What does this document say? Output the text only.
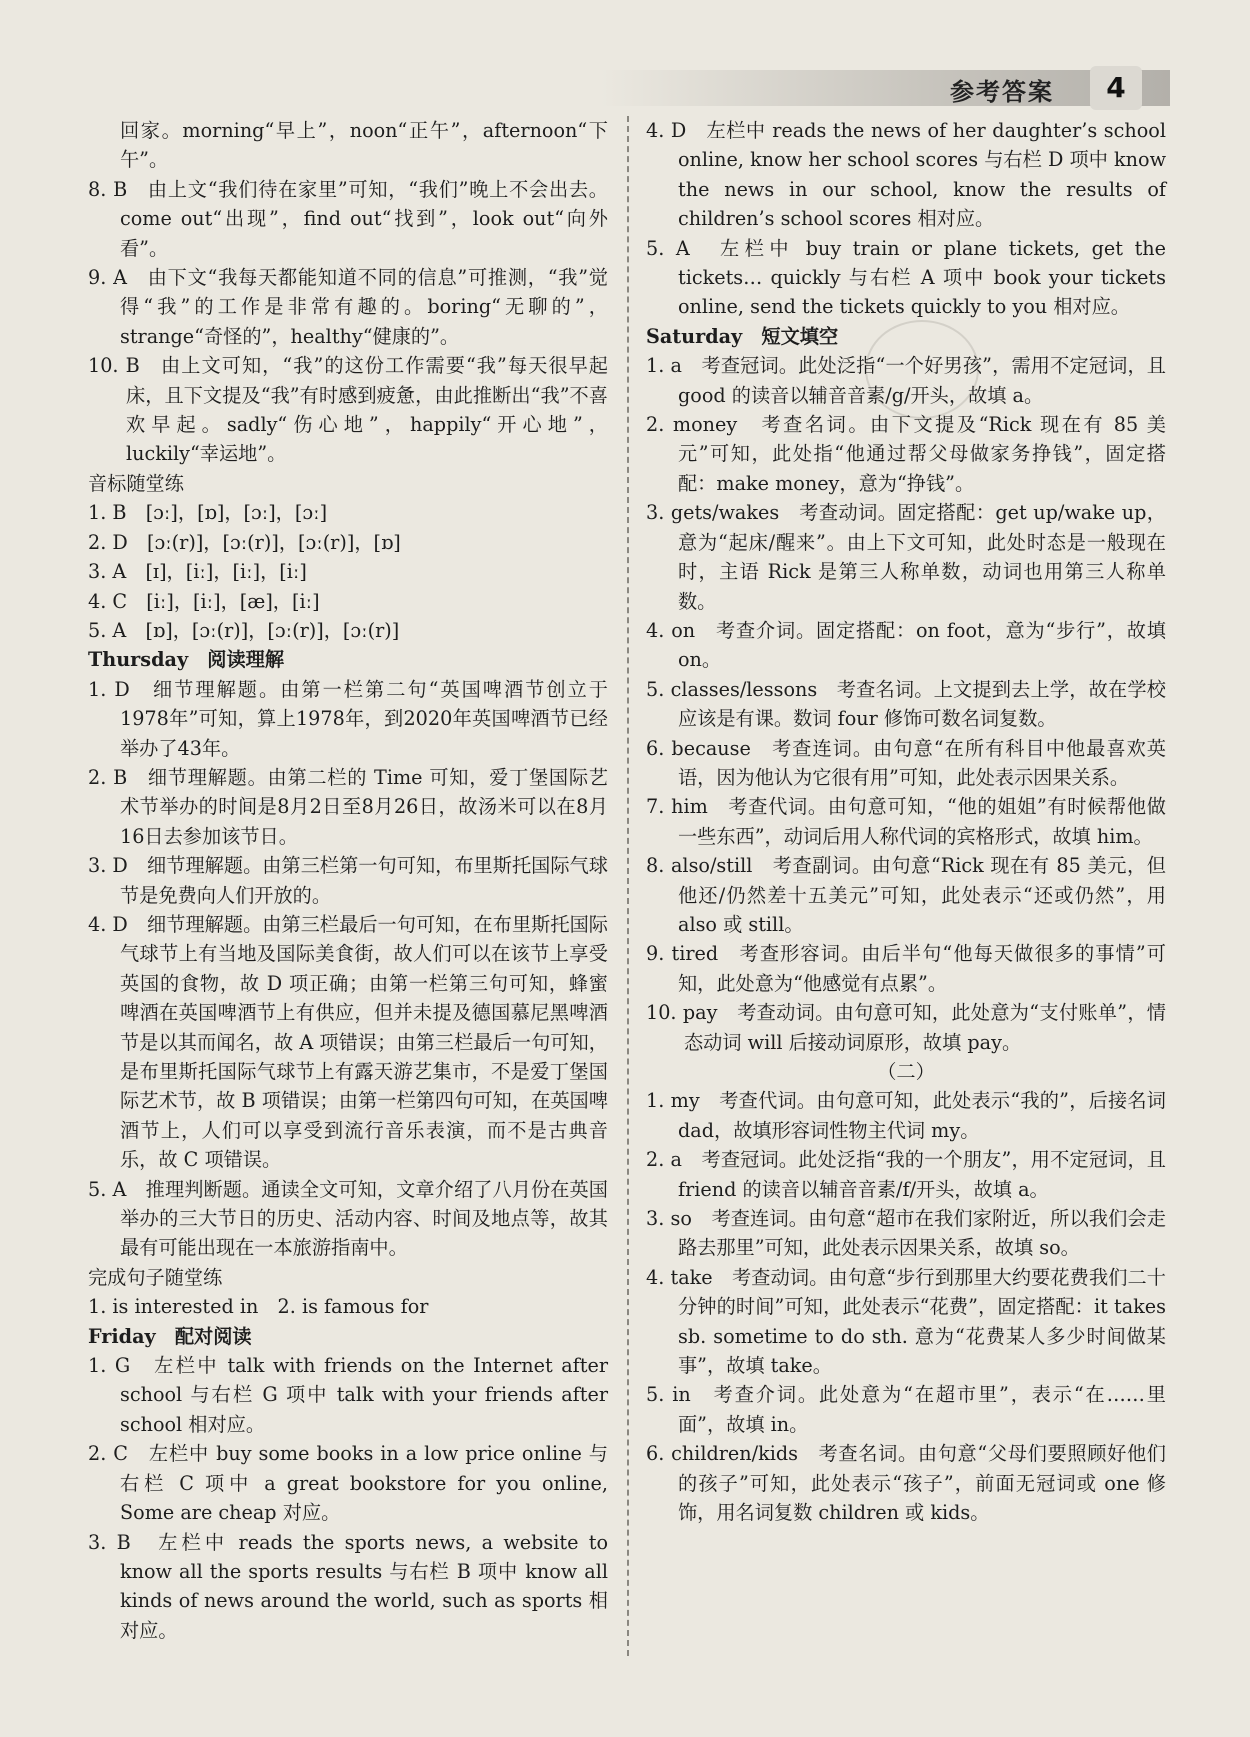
参考答案	4

回家。morning“早上”，noon“正午”，afternoon“下午”。

8. B　由上文“我们待在家里”可知，“我们”晚上不会出去。come out“出现”，find out“找到”，look out“向外看”。

9. A　由下文“我每天都能知道不同的信息”可推测，“我”觉得“我”的工作是非常有趣的。boring“无聊的”，strange“奇怪的”，healthy“健康的”。

10. B　由上文可知，“我”的这份工作需要“我”每天很早起床，且下文提及“我”有时感到疲惫，由此推断出“我”不喜欢早起。sadly“伤心地”，happily“开心地”，luckily“幸运地”。

音标随堂练

1. B　[ɔː]，[ɒ]，[ɔː]，[ɔː]

2. D　[ɔː(r)]，[ɔː(r)]，[ɔː(r)]，[ɒ]

3. A　[ɪ]，[iː]，[iː]，[iː]

4. C　[iː]，[iː]，[æ]，[iː]

5. A　[ɒ]，[ɔː(r)]，[ɔː(r)]，[ɔː(r)]

Thursday　阅读理解

1. D　细节理解题。由第一栏第二句“英国啤酒节创立于1978年”可知，算上1978年，到2020年英国啤酒节已经举办了43年。

2. B　细节理解题。由第二栏的 Time 可知，爱丁堡国际艺术节举办的时间是8月2日至8月26日，故汤米可以在8月16日去参加该节日。

3. D　细节理解题。由第三栏第一句可知，布里斯托国际气球节是免费向人们开放的。

4. D　细节理解题。由第三栏最后一句可知，在布里斯托国际气球节上有当地及国际美食街，故人们可以在该节上享受英国的食物，故 D 项正确；由第一栏第三句可知，蜂蜜啤酒在英国啤酒节上有供应，但并未提及德国慕尼黑啤酒节是以其而闻名，故 A 项错误；由第三栏最后一句可知，是布里斯托国际气球节上有露天游艺集市，不是爱丁堡国际艺术节，故 B 项错误；由第一栏第四句可知，在英国啤酒节上，人们可以享受到流行音乐表演，而不是古典音乐，故 C 项错误。

5. A　推理判断题。通读全文可知，文章介绍了八月份在英国举办的三大节日的历史、活动内容、时间及地点等，故其最有可能出现在一本旅游指南中。

完成句子随堂练

1. is interested in　2. is famous for

Friday　配对阅读

1. G　左栏中 talk with friends on the Internet after school 与右栏 G 项中 talk with your friends after school 相对应。

2. C　左栏中 buy some books in a low price online 与右栏 C 项中 a great bookstore for you online, Some are cheap 对应。

3. B　左栏中 reads the sports news, a website to know all the sports results 与右栏 B 项中 know all kinds of news around the world, such as sports 相对应。

4. D　左栏中 reads the news of her daughter’s school online, know her school scores 与右栏 D 项中 know the news in our school, know the results of children’s school scores 相对应。

5. A　左栏中 buy train or plane tickets, get the tickets… quickly 与右栏 A 项中 book your tickets online, send the tickets quickly to you 相对应。

Saturday　短文填空

1. a　考查冠词。此处泛指“一个好男孩”，需用不定冠词，且 good 的读音以辅音音素/g/开头，故填 a。

2. money　考查名词。由下文提及“Rick 现在有 85 美元”可知，此处指“他通过帮父母做家务挣钱”，固定搭配：make money，意为“挣钱”。

3. gets/wakes　考查动词。固定搭配：get up/wake up，意为“起床/醒来”。由上下文可知，此处时态是一般现在时，主语 Rick 是第三人称单数，动词也用第三人称单数。

4. on　考查介词。固定搭配：on foot，意为“步行”，故填 on。

5. classes/lessons　考查名词。上文提到去上学，故在学校应该是有课。数词 four 修饰可数名词复数。

6. because　考查连词。由句意“在所有科目中他最喜欢英语，因为他认为它很有用”可知，此处表示因果关系。

7. him　考查代词。由句意可知，“他的姐姐”有时候帮他做一些东西”，动词后用人称代词的宾格形式，故填 him。

8. also/still　考查副词。由句意“Rick 现在有 85 美元，但他还/仍然差十五美元”可知，此处表示“还或仍然”，用 also 或 still。

9. tired　考查形容词。由后半句“他每天做很多的事情”可知，此处意为“他感觉有点累”。

10. pay　考查动词。由句意可知，此处意为“支付账单”，情态动词 will 后接动词原形，故填 pay。

（二）

1. my　考查代词。由句意可知，此处表示“我的”，后接名词 dad，故填形容词性物主代词 my。

2. a　考查冠词。此处泛指“我的一个朋友”，用不定冠词，且 friend 的读音以辅音音素/f/开头，故填 a。

3. so　考查连词。由句意“超市在我们家附近，所以我们会走路去那里”可知，此处表示因果关系，故填 so。

4. take　考查动词。由句意“步行到那里大约要花费我们二十分钟的时间”可知，此处表示“花费”，固定搭配：it takes sb. sometime to do sth. 意为“花费某人多少时间做某事”，故填 take。

5. in　考查介词。此处意为“在超市里”，表示“在……里面”，故填 in。

6. children/kids　考查名词。由句意“父母们要照顾好他们的孩子”可知，此处表示“孩子”，前面无冠词或 one 修饰，用名词复数 children 或 kids。
